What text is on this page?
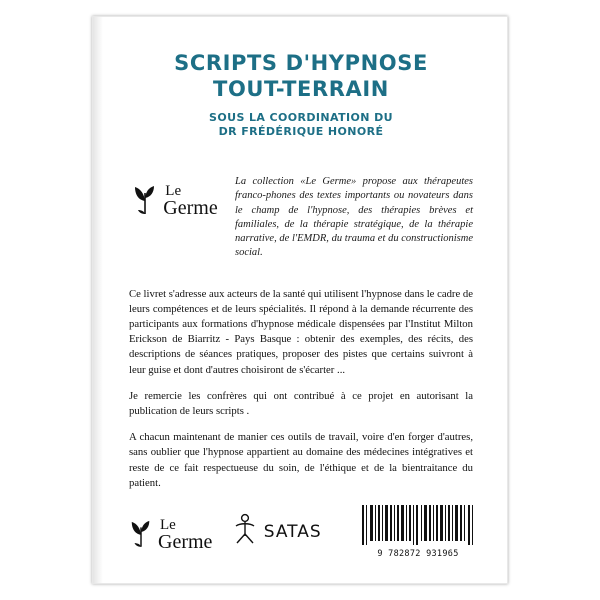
SCRIPTS D'HYPNOSE
TOUT-TERRAIN
SOUS LA COORDINATION DU
DR FRÉDÉRIQUE HONORÉ
Le
Germe
La collection «Le Germe» propose aux thérapeutes franco-phones des textes importants ou novateurs dans le champ de l'hypnose, des thérapies brèves et familiales, de la thérapie stratégique, de la thérapie narrative, de l'EMDR, du trauma et du constructionisme social.

Ce livret s'adresse aux acteurs de la santé qui utilisent l'hypnose dans le cadre de leurs compétences et de leurs spécialités. Il répond à la demande récurrente des participants aux formations d'hypnose médicale dispensées par l'Institut Milton Erickson de Biarritz - Pays Basque : obtenir des exemples, des récits, des descriptions de séances pratiques, proposer des pistes que certains suivront à leur guise et dont d'autres choisiront de s'écarter ...

Je remercie les confrères qui ont contribué à ce projet en autorisant la publication de leurs scripts .

A chacun maintenant de manier ces outils de travail, voire d'en forger d'autres, sans oublier que l'hypnose appartient au domaine des médecines intégratives et reste de ce fait respectueuse du soin, de l'éthique et de la bientraitance du patient.

Le
Germe	SATAS
9 782872 931965
